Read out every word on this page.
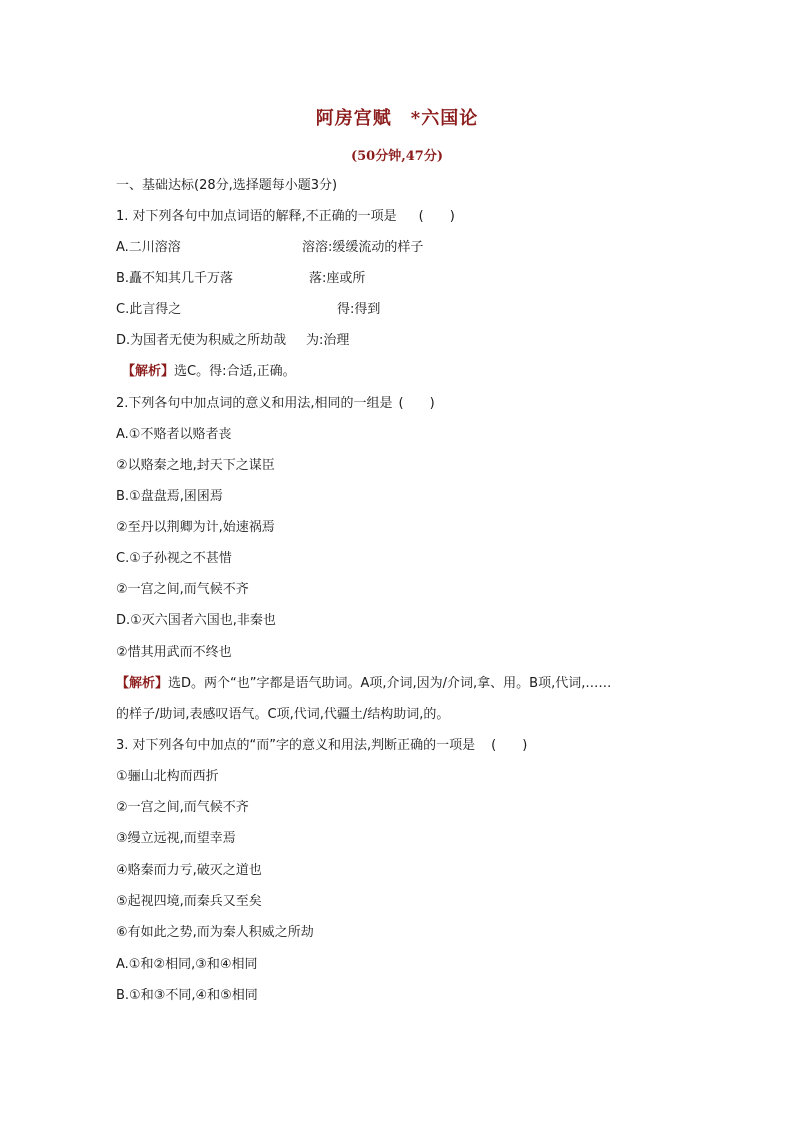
阿房宫赋　*六国论
(50分钟,47分)
一、基础达标(28分,选择题每小题3分)
1. 对下列各句中加点词语的解释,不正确的一项是 (　　)
A.二川溶溶	溶溶:缓缓流动的样子
B.矗不知其几千万落	落:座或所
C.此言得之	得:得到
D.为国者无使为积威之所劫哉 为:治理
【解析】选C。得:合适,正确。
2.下列各句中加点词的意义和用法,相同的一组是 (　　)
A.①不赂者以赂者丧
②以赂秦之地,封天下之谋臣
B.①盘盘焉,囷囷焉
②至丹以荆卿为计,始速祸焉
C.①子孙视之不甚惜
②一宫之间,而气候不齐
D.①灭六国者六国也,非秦也
②惜其用武而不终也
【解析】选D。两个“也”字都是语气助词。A项,介词,因为/介词,拿、用。B项,代词,……
的样子/助词,表感叹语气。C项,代词,代疆土/结构助词,的。
3. 对下列各句中加点的“而”字的意义和用法,判断正确的一项是 (　　)
①骊山北构而西折
②一宫之间,而气候不齐
③缦立远视,而望幸焉
④赂秦而力亏,破灭之道也
⑤起视四境,而秦兵又至矣
⑥有如此之势,而为秦人积威之所劫
A.①和②相同,③和④相同
B.①和③不同,④和⑤相同
